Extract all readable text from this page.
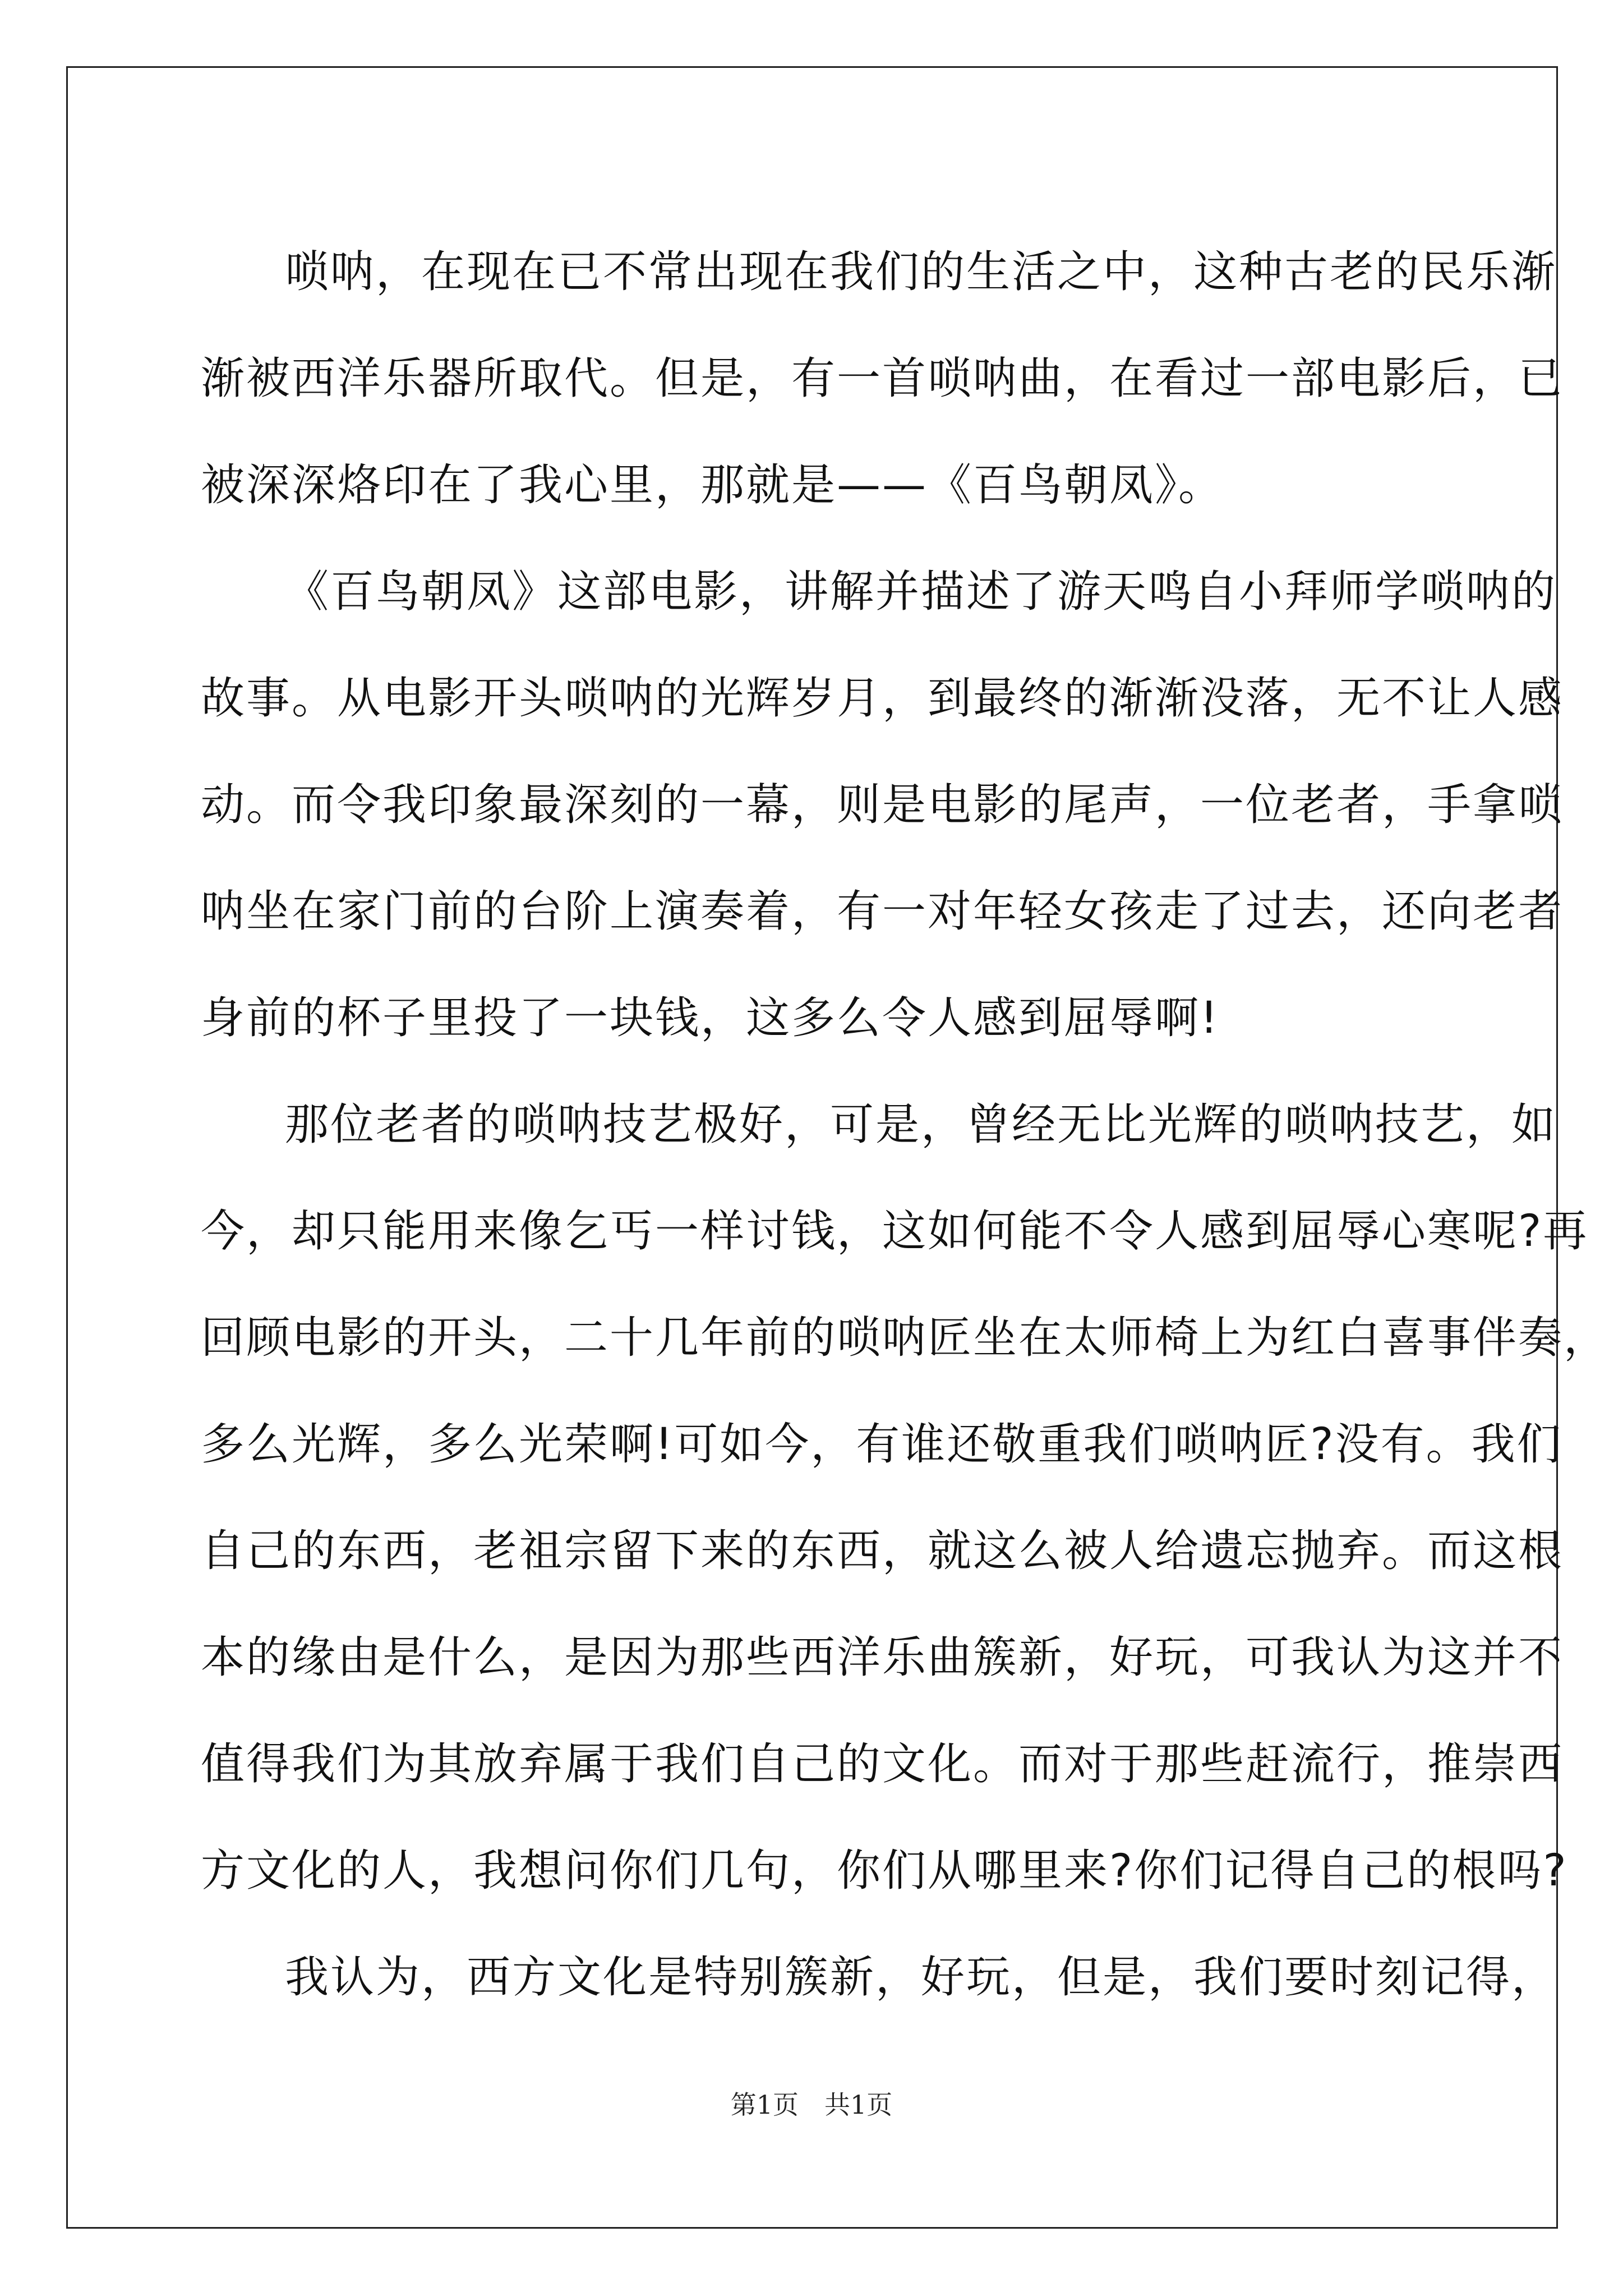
唢呐，在现在已不常出现在我们的生活之中，这种古老的民乐渐
渐被西洋乐器所取代。但是，有一首唢呐曲，在看过一部电影后，已
被深深烙印在了我心里，那就是——《百鸟朝凤》。
《百鸟朝凤》这部电影，讲解并描述了游天鸣自小拜师学唢呐的
故事。从电影开头唢呐的光辉岁月，到最终的渐渐没落，无不让人感
动。而令我印象最深刻的一幕，则是电影的尾声，一位老者，手拿唢
呐坐在家门前的台阶上演奏着，有一对年轻女孩走了过去，还向老者
身前的杯子里投了一块钱，这多么令人感到屈辱啊!
那位老者的唢呐技艺极好，可是，曾经无比光辉的唢呐技艺，如
今，却只能用来像乞丐一样讨钱，这如何能不令人感到屈辱心寒呢?再
回顾电影的开头，二十几年前的唢呐匠坐在太师椅上为红白喜事伴奏，
多么光辉，多么光荣啊!可如今，有谁还敬重我们唢呐匠?没有。我们
自己的东西，老祖宗留下来的东西，就这么被人给遗忘抛弃。而这根
本的缘由是什么，是因为那些西洋乐曲簇新，好玩，可我认为这并不
值得我们为其放弃属于我们自己的文化。而对于那些赶流行，推崇西
方文化的人，我想问你们几句，你们从哪里来?你们记得自己的根吗?
我认为，西方文化是特别簇新，好玩，但是，我们要时刻记得，
第1页　共1页
